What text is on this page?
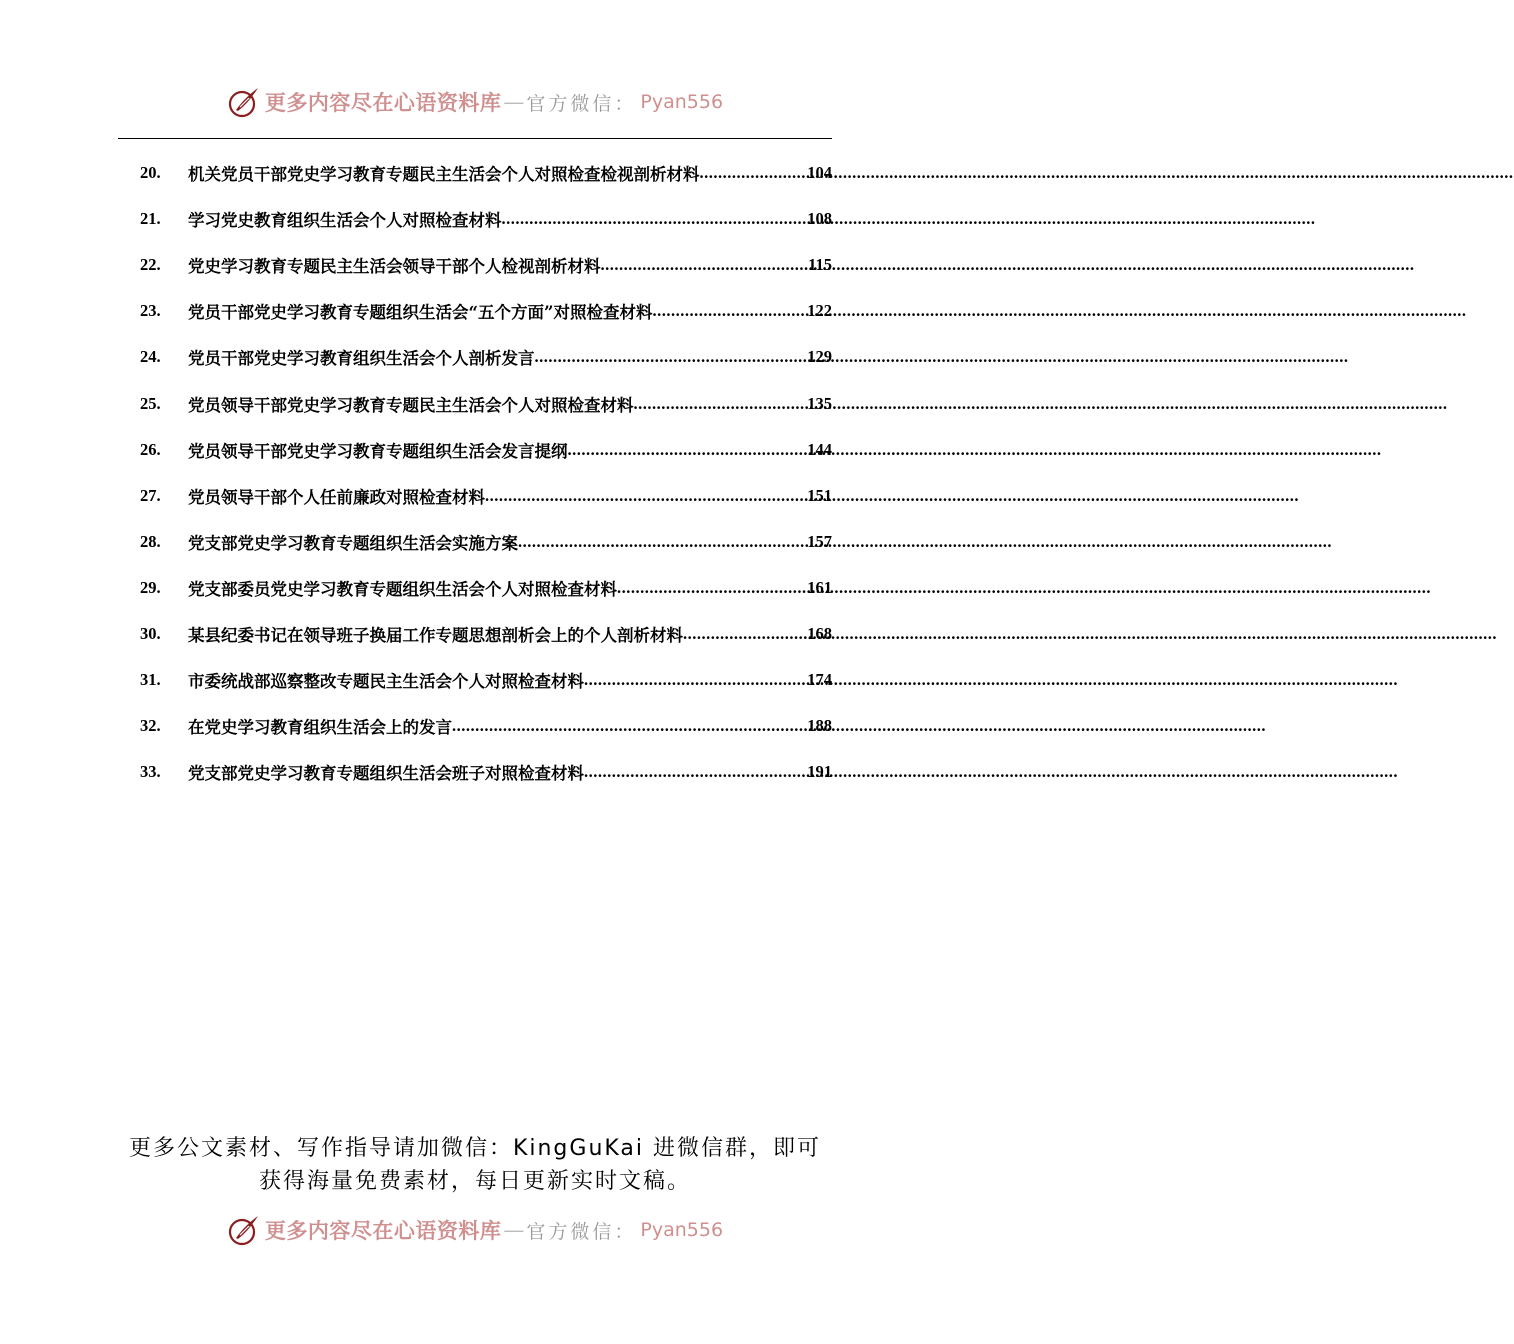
更多内容尽在心语资料库 — 官方微信： Pyan556
20.	机关党员干部党史学习教育专题民主生活会个人对照检查检视剖析材料 .....	104
21.	学习党史教育组织生活会个人对照检查材料 .....	108
22.	党史学习教育专题民主生活会领导干部个人检视剖析材料 .....	115
23.	党员干部党史学习教育专题组织生活会“五个方面”对照检查材料 .....	122
24.	党员干部党史学习教育组织生活会个人剖析发言 .....	129
25.	党员领导干部党史学习教育专题民主生活会个人对照检查材料 .....	135
26.	党员领导干部党史学习教育专题组织生活会发言提纲 .....	144
27.	党员领导干部个人任前廉政对照检查材料 .....	151
28.	党支部党史学习教育专题组织生活会实施方案 .....	157
29.	党支部委员党史学习教育专题组织生活会个人对照检查材料 .....	161
30.	某县纪委书记在领导班子换届工作专题思想剖析会上的个人剖析材料 .....	168
31.	市委统战部巡察整改专题民主生活会个人对照检查材料 .....	174
32.	在党史学习教育组织生活会上的发言 .....	188
33.	党支部党史学习教育专题组织生活会班子对照检查材料 .....	191
更多公文素材、写作指导请加微信：KingGuKai 进微信群，即可
获得海量免费素材，每日更新实时文稿。
更多内容尽在心语资料库 — 官方微信： Pyan556
